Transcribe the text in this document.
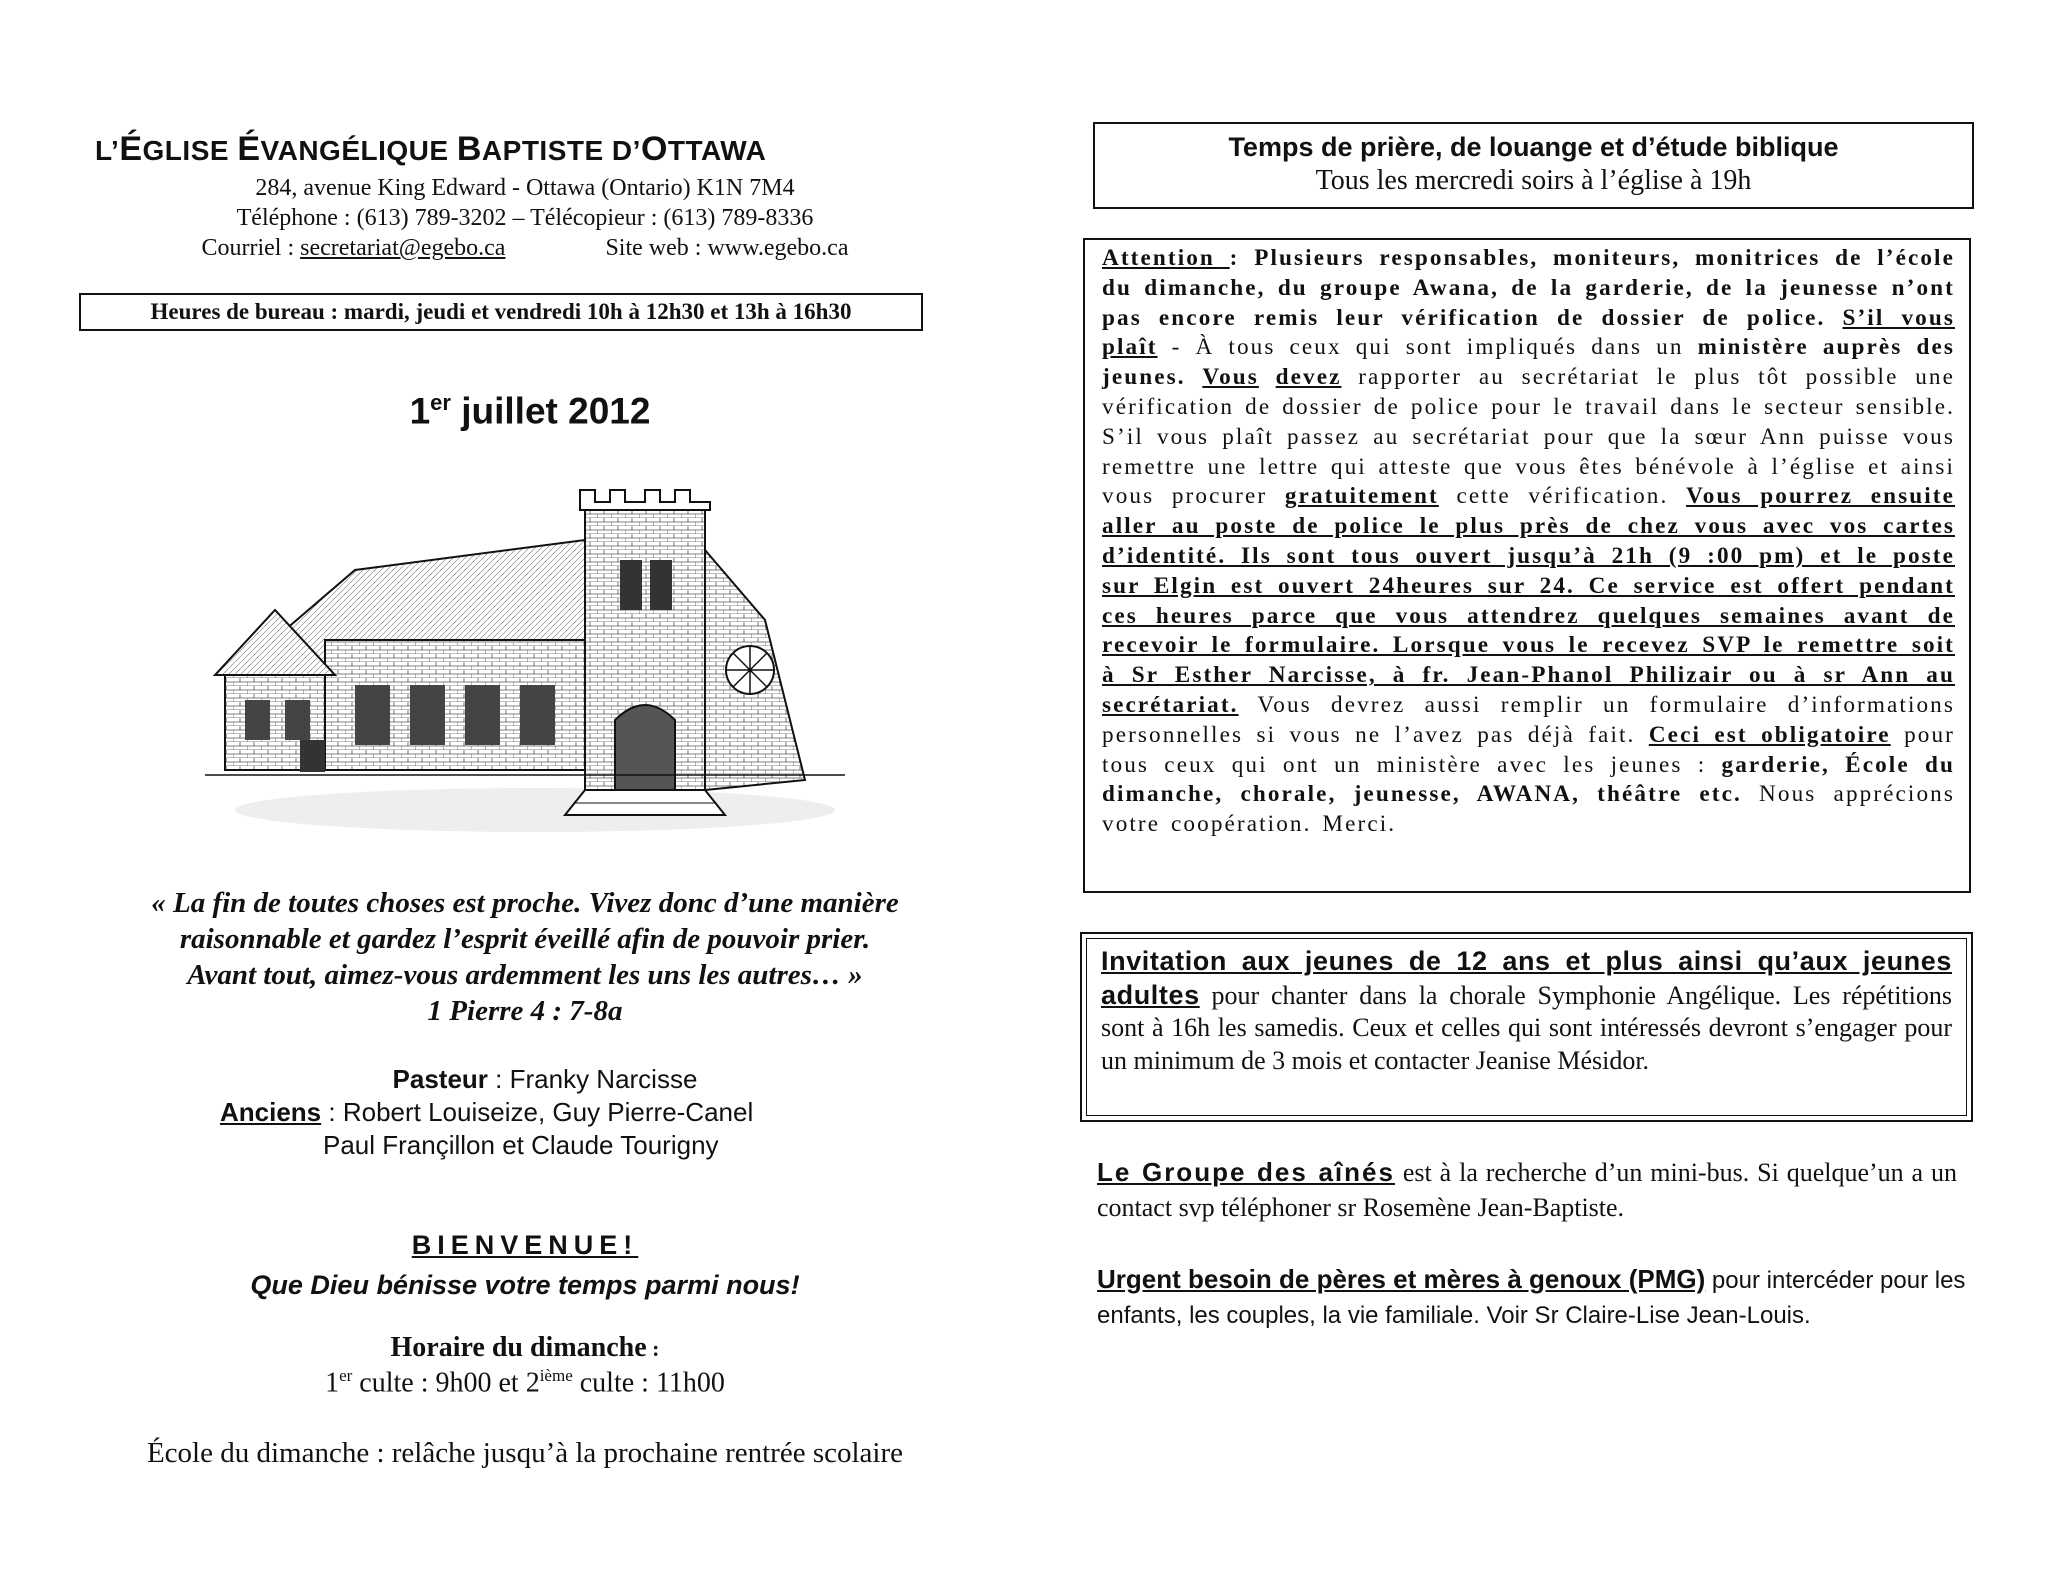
L’ÉGLISE ÉVANGÉLIQUE BAPTISTE D’OTTAWA
284, avenue King Edward - Ottawa (Ontario) K1N 7M4
Téléphone : (613) 789-3202 – Télécopieur : (613) 789-8336
Courriel : secretariat@egebo.ca	Site web : www.egebo.ca
Heures de bureau : mardi, jeudi et vendredi 10h à 12h30 et 13h à 16h30
1er juillet 2012
« La fin de toutes choses est proche. Vivez donc d’une manière
raisonnable et gardez l’esprit éveillé afin de pouvoir prier.
Avant tout, aimez-vous ardemment les uns les autres… »
1 Pierre 4 : 7-8a
Pasteur : Franky Narcisse
Anciens : Robert Louiseize, Guy Pierre-Canel
Paul Françillon et Claude Tourigny
BIENVENUE!
Que Dieu bénisse votre temps parmi nous!
Horaire du dimanche :
1er culte : 9h00 et 2ième culte : 11h00
École du dimanche : relâche jusqu’à la prochaine rentrée scolaire
Temps de prière, de louange et d’étude biblique
Tous les mercredi soirs à l’église à 19h
Attention : Plusieurs responsables, moniteurs, monitrices de l’école du dimanche, du groupe Awana, de la garderie, de la jeunesse n’ont pas encore remis leur vérification de dossier de police. S’il vous plaît - À tous ceux qui sont impliqués dans un ministère auprès des jeunes. Vous devez rapporter au secrétariat le plus tôt possible une vérification de dossier de police pour le travail dans le secteur sensible. S’il vous plaît passez au secrétariat pour que la sœur Ann puisse vous remettre une lettre qui atteste que vous êtes bénévole à l’église et ainsi vous procurer gratuitement cette vérification. Vous pourrez ensuite aller au poste de police le plus près de chez vous avec vos cartes d’identité. Ils sont tous ouvert jusqu’à 21h (9 :00 pm) et le poste sur Elgin est ouvert 24heures sur 24. Ce service est offert pendant ces heures parce que vous attendrez quelques semaines avant de recevoir le formulaire. Lorsque vous le recevez SVP le remettre soit à Sr Esther Narcisse, à fr. Jean-Phanol Philizair ou à sr Ann au secrétariat. Vous devrez aussi remplir un formulaire d’informations personnelles si vous ne l’avez pas déjà fait. Ceci est obligatoire pour tous ceux qui ont un ministère avec les jeunes : garderie, École du dimanche, chorale, jeunesse, AWANA, théâtre etc. Nous apprécions votre coopération. Merci.
Invitation aux jeunes de 12 ans et plus ainsi qu’aux jeunes adultes pour chanter dans la chorale Symphonie Angélique. Les répétitions sont à 16h les samedis. Ceux et celles qui sont intéressés devront s’engager pour un minimum de 3 mois et contacter Jeanise Mésidor.
Le Groupe des aînés est à la recherche d’un mini-bus. Si quelque’un a un contact svp téléphoner sr Rosemène Jean-Baptiste.
Urgent besoin de pères et mères à genoux (PMG) pour intercéder pour les enfants, les couples, la vie familiale. Voir Sr Claire-Lise Jean-Louis.
